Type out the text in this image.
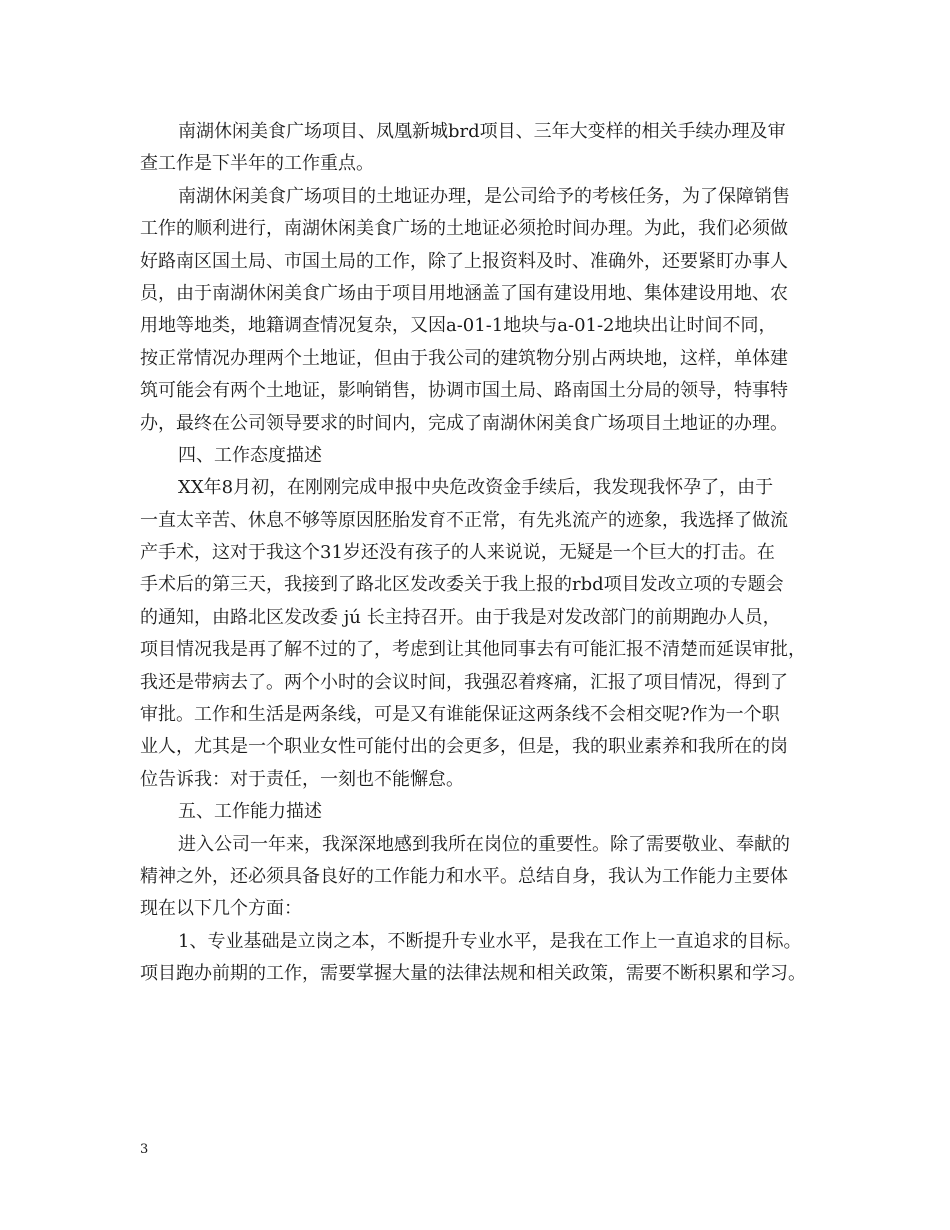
南湖休闲美食广场项目、凤凰新城brd项目、三年大变样的相关手续办理及审
查工作是下半年的工作重点。
南湖休闲美食广场项目的土地证办理，是公司给予的考核任务，为了保障销售
工作的顺利进行，南湖休闲美食广场的土地证必须抢时间办理。为此，我们必须做
好路南区国土局、市国土局的工作，除了上报资料及时、准确外，还要紧盯办事人
员，由于南湖休闲美食广场由于项目用地涵盖了国有建设用地、集体建设用地、农
用地等地类，地籍调查情况复杂，又因a-01-1地块与a-01-2地块出让时间不同，
按正常情况办理两个土地证，但由于我公司的建筑物分别占两块地，这样，单体建
筑可能会有两个土地证，影响销售，协调市国土局、路南国土分局的领导，特事特
办，最终在公司领导要求的时间内，完成了南湖休闲美食广场项目土地证的办理。
四、工作态度描述
XX年8月初，在刚刚完成申报中央危改资金手续后，我发现我怀孕了，由于
一直太辛苦、休息不够等原因胚胎发育不正常，有先兆流产的迹象，我选择了做流
产手术，这对于我这个31岁还没有孩子的人来说说，无疑是一个巨大的打击。在
手术后的第三天，我接到了路北区发改委关于我上报的rbd项目发改立项的专题会
的通知，由路北区发改委 jú 长主持召开。由于我是对发改部门的前期跑办人员，
项目情况我是再了解不过的了，考虑到让其他同事去有可能汇报不清楚而延误审批，
我还是带病去了。两个小时的会议时间，我强忍着疼痛，汇报了项目情况，得到了
审批。工作和生活是两条线，可是又有谁能保证这两条线不会相交呢?作为一个职
业人，尤其是一个职业女性可能付出的会更多，但是，我的职业素养和我所在的岗
位告诉我：对于责任，一刻也不能懈怠。
五、工作能力描述
进入公司一年来，我深深地感到我所在岗位的重要性。除了需要敬业、奉献的
精神之外，还必须具备良好的工作能力和水平。总结自身，我认为工作能力主要体
现在以下几个方面：
1、专业基础是立岗之本，不断提升专业水平，是我在工作上一直追求的目标。
项目跑办前期的工作，需要掌握大量的法律法规和相关政策，需要不断积累和学习。
3
